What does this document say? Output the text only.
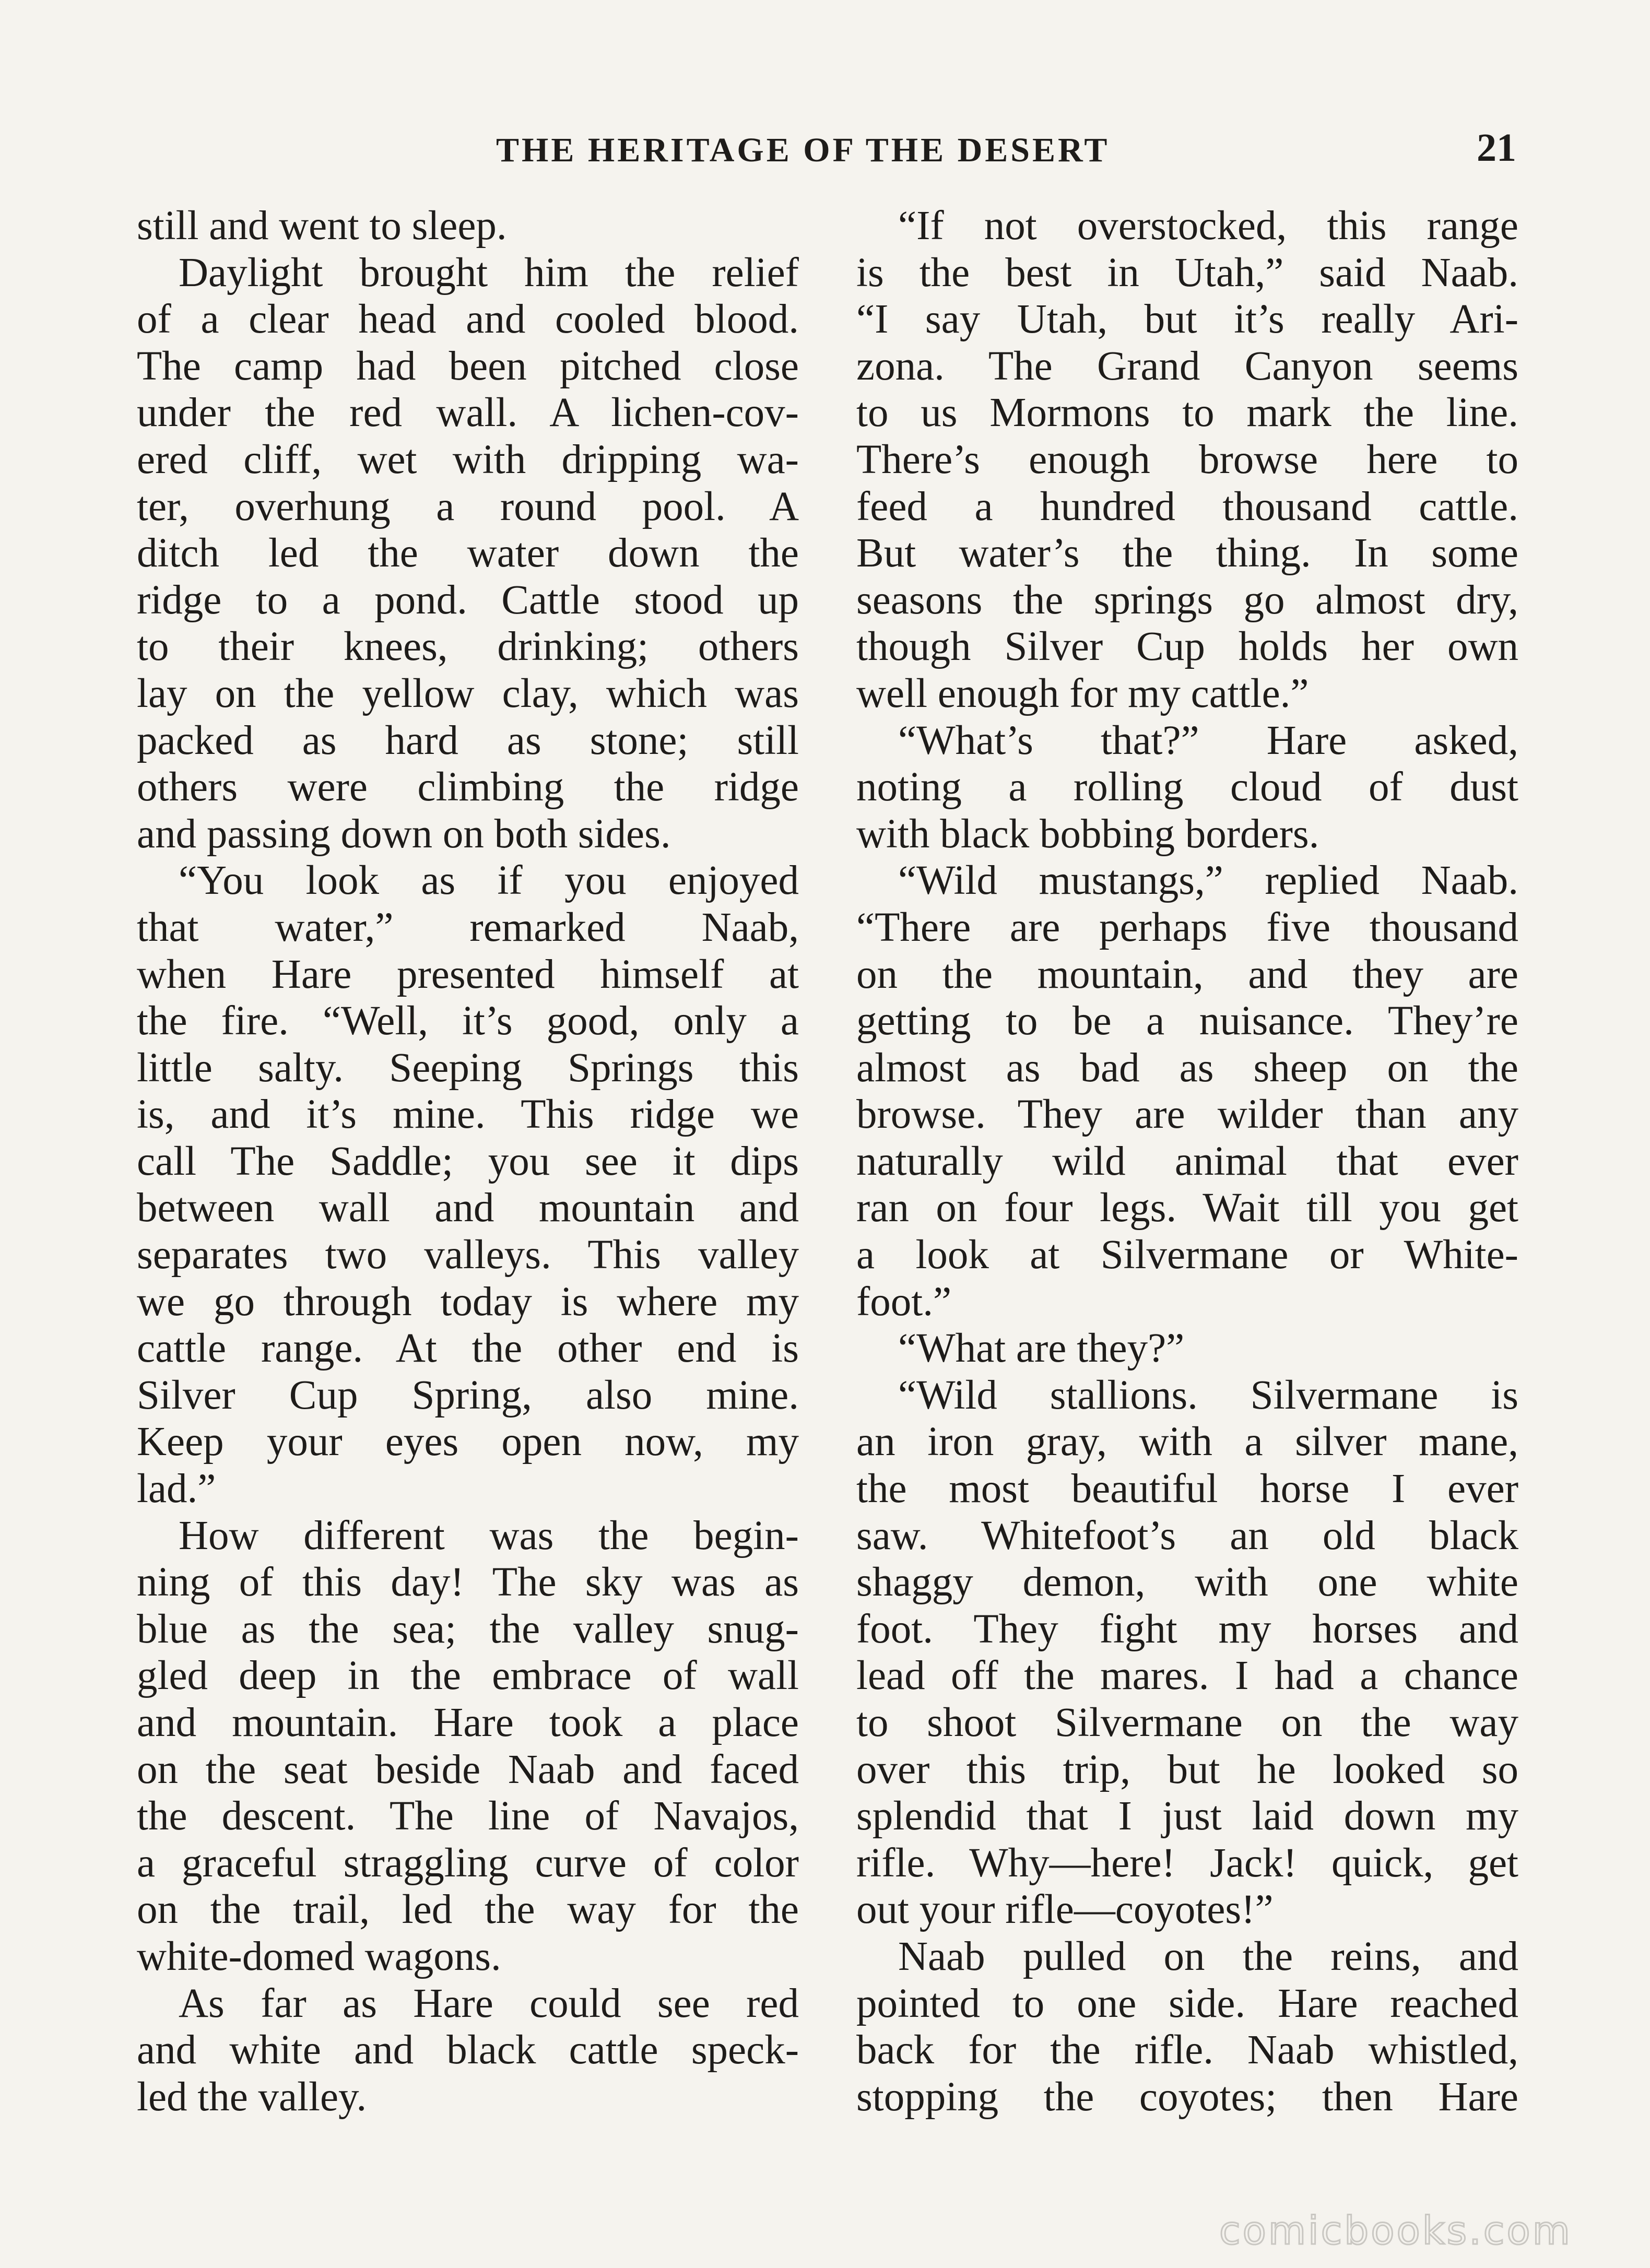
THE HERITAGE OF THE DESERT	21
still and went to sleep.
Daylight brought him the relief
of a clear head and cooled blood.
The camp had been pitched close
under the red wall. A lichen-cov-
ered cliff, wet with dripping wa-
ter, overhung a round pool. A
ditch led the water down the
ridge to a pond. Cattle stood up
to their knees, drinking; others
lay on the yellow clay, which was
packed as hard as stone; still
others were climbing the ridge
and passing down on both sides.
“You look as if you enjoyed
that water,” remarked Naab,
when Hare presented himself at
the fire. “Well, it’s good, only a
little salty. Seeping Springs this
is, and it’s mine. This ridge we
call The Saddle; you see it dips
between wall and mountain and
separates two valleys. This valley
we go through today is where my
cattle range. At the other end is
Silver Cup Spring, also mine.
Keep your eyes open now, my
lad.”
How different was the begin-
ning of this day! The sky was as
blue as the sea; the valley snug-
gled deep in the embrace of wall
and mountain. Hare took a place
on the seat beside Naab and faced
the descent. The line of Navajos,
a graceful straggling curve of color
on the trail, led the way for the
white-domed wagons.
As far as Hare could see red
and white and black cattle speck-
led the valley.
“If not overstocked, this range
is the best in Utah,” said Naab.
“I say Utah, but it’s really Ari-
zona. The Grand Canyon seems
to us Mormons to mark the line.
There’s enough browse here to
feed a hundred thousand cattle.
But water’s the thing. In some
seasons the springs go almost dry,
though Silver Cup holds her own
well enough for my cattle.”
“What’s that?” Hare asked,
noting a rolling cloud of dust
with black bobbing borders.
“Wild mustangs,” replied Naab.
“There are perhaps five thousand
on the mountain, and they are
getting to be a nuisance. They’re
almost as bad as sheep on the
browse. They are wilder than any
naturally wild animal that ever
ran on four legs. Wait till you get
a look at Silvermane or White-
foot.”
“What are they?”
“Wild stallions. Silvermane is
an iron gray, with a silver mane,
the most beautiful horse I ever
saw. Whitefoot’s an old black
shaggy demon, with one white
foot. They fight my horses and
lead off the mares. I had a chance
to shoot Silvermane on the way
over this trip, but he looked so
splendid that I just laid down my
rifle. Why—here! Jack! quick, get
out your rifle—coyotes!”
Naab pulled on the reins, and
pointed to one side. Hare reached
back for the rifle. Naab whistled,
stopping the coyotes; then Hare
comicbooks.com
